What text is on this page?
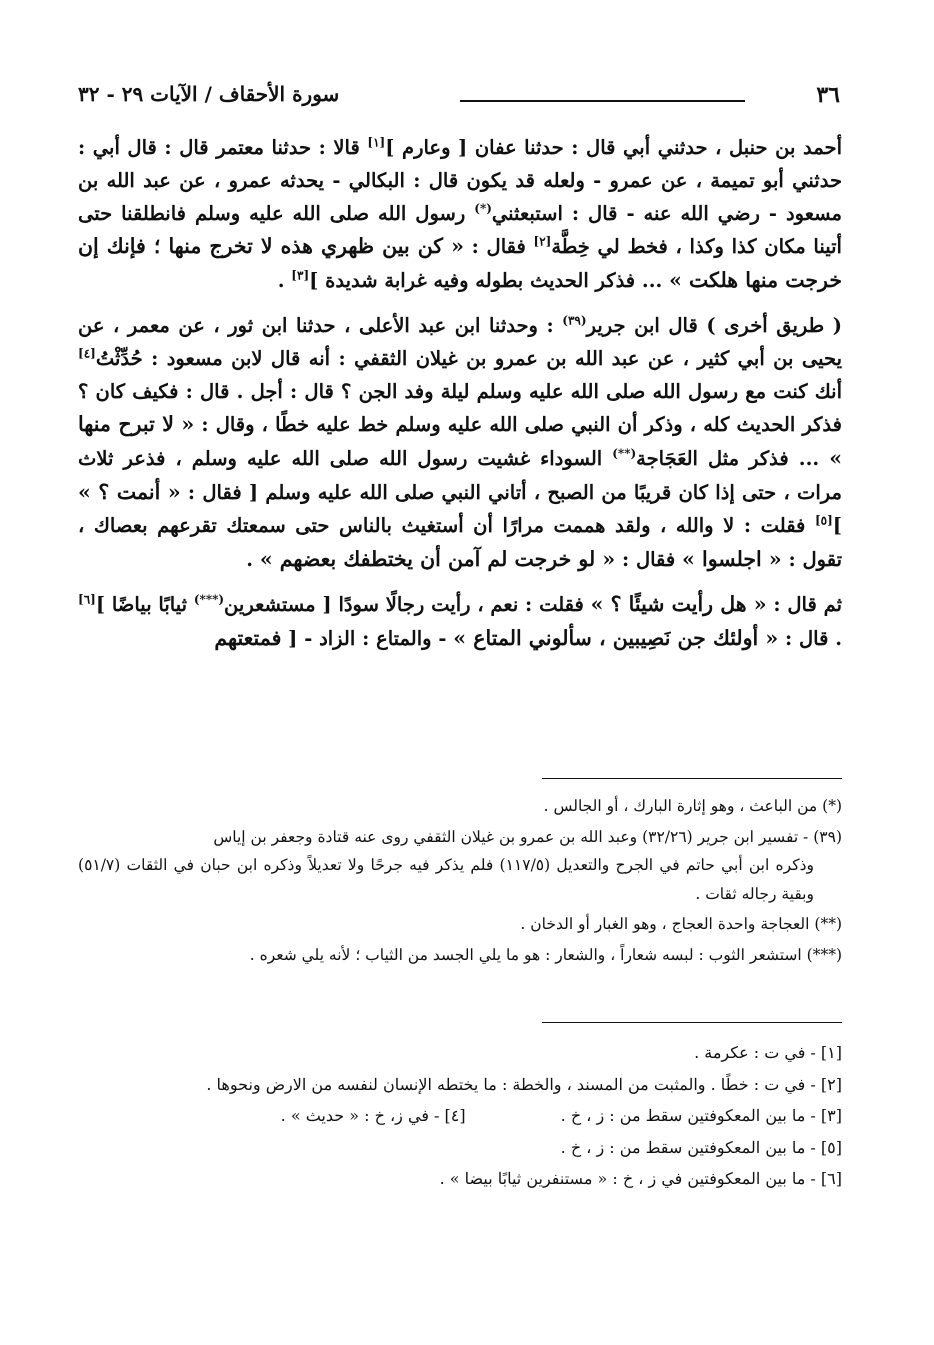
٣٦
سورة الأحقاف / الآيات ٢٩ - ٣٢

أحمد بن حنبل ، حدثني أبي قال : حدثنا عفان [ وعارم ][١] قالا : حدثنا معتمر قال : قال أبي : حدثني أبو تميمة ، عن عمرو - ولعله قد يكون قال : البكالي - يحدثه عمرو ، عن عبد الله بن مسعود - رضي الله عنه - قال : استبعثني(*) رسول الله صلى الله عليه وسلم فانطلقنا حتى أتينا مكان كذا وكذا ، فخط لي خِطَّة[٢] فقال : « كن بين ظهري هذه لا تخرج منها ؛ فإنك إن خرجت منها هلكت » ... فذكر الحديث بطوله وفيه غرابة شديدة ][٣] .

( طريق أخرى ) قال ابن جرير$^{(٣٩)}$ : وحدثنا ابن عبد الأعلى ، حدثنا ابن ثور ، عن معمر ، عن يحيى بن أبي كثير ، عن عبد الله بن عمرو بن غيلان الثقفي : أنه قال لابن مسعود : حُدِّثْتُ[٤] أنك كنت مع رسول الله صلى الله عليه وسلم ليلة وفد الجن ؟ قال : أجل . قال : فكيف كان ؟ فذكر الحديث كله ، وذكر أن النبي صلى الله عليه وسلم خط عليه خطًا ، وقال : « لا تبرح منها » ... فذكر مثل العَجَاجة(**) السوداء غشيت رسول الله صلى الله عليه وسلم ، فذعر ثلاث مرات ، حتى إذا كان قريبًا من الصبح ، أتاني النبي صلى الله عليه وسلم [ فقال : « أنمت ؟ » ][٥] فقلت : لا والله ، ولقد هممت مرارًا أن أستغيث بالناس حتى سمعتك تقرعهم بعصاك ، تقول : « اجلسوا » فقال : « لو خرجت لم آمن أن يختطفك بعضهم » .

ثم قال : « هل رأيت شيئًا ؟ » فقلت : نعم ، رأيت رجالًا سودًا [ مستشعرين(***) ثيابًا بياضًا ][٦] . قال : « أولئك جن نَصِيبين ، سألوني المتاع » - والمتاع : الزاد - [ فمتعتهم

(*) من الباعث ، وهو إثارة البارك ، أو الجالس .

(٣٩) - تفسير ابن جرير (٣٢/٢٦) وعبد الله بن عمرو بن غيلان الثقفي روى عنه قتادة وجعفر بن إياس
وذكره ابن أبي حاتم في الجرح والتعديل (١١٧/٥) فلم يذكر فيه جرحًا ولا تعديلاً وذكره ابن حبان في الثقات (٥١/٧) وبقية رجاله ثقات .

(**) العجاجة واحدة العجاج ، وهو الغبار أو الدخان .

(***) استشعر الثوب : لبسه شعاراً ، والشعار : هو ما يلي الجسد من الثياب ؛ لأنه يلي شعره .

[١] - في ت : عكرمة .

[٢] - في ت : خطًا . والمثبت من المسند ، والخطة : ما يختطه الإنسان لنفسه من الارض ونحوها .

[٣] - ما بين المعكوفتين سقط من : ز ، خ .[٤] - في ز، خ : « حديث » .

[٥] - ما بين المعكوفتين سقط من : ز ، خ .

[٦] - ما بين المعكوفتين في ز ، خ : « مستنفرين ثيابًا بيضا » .
